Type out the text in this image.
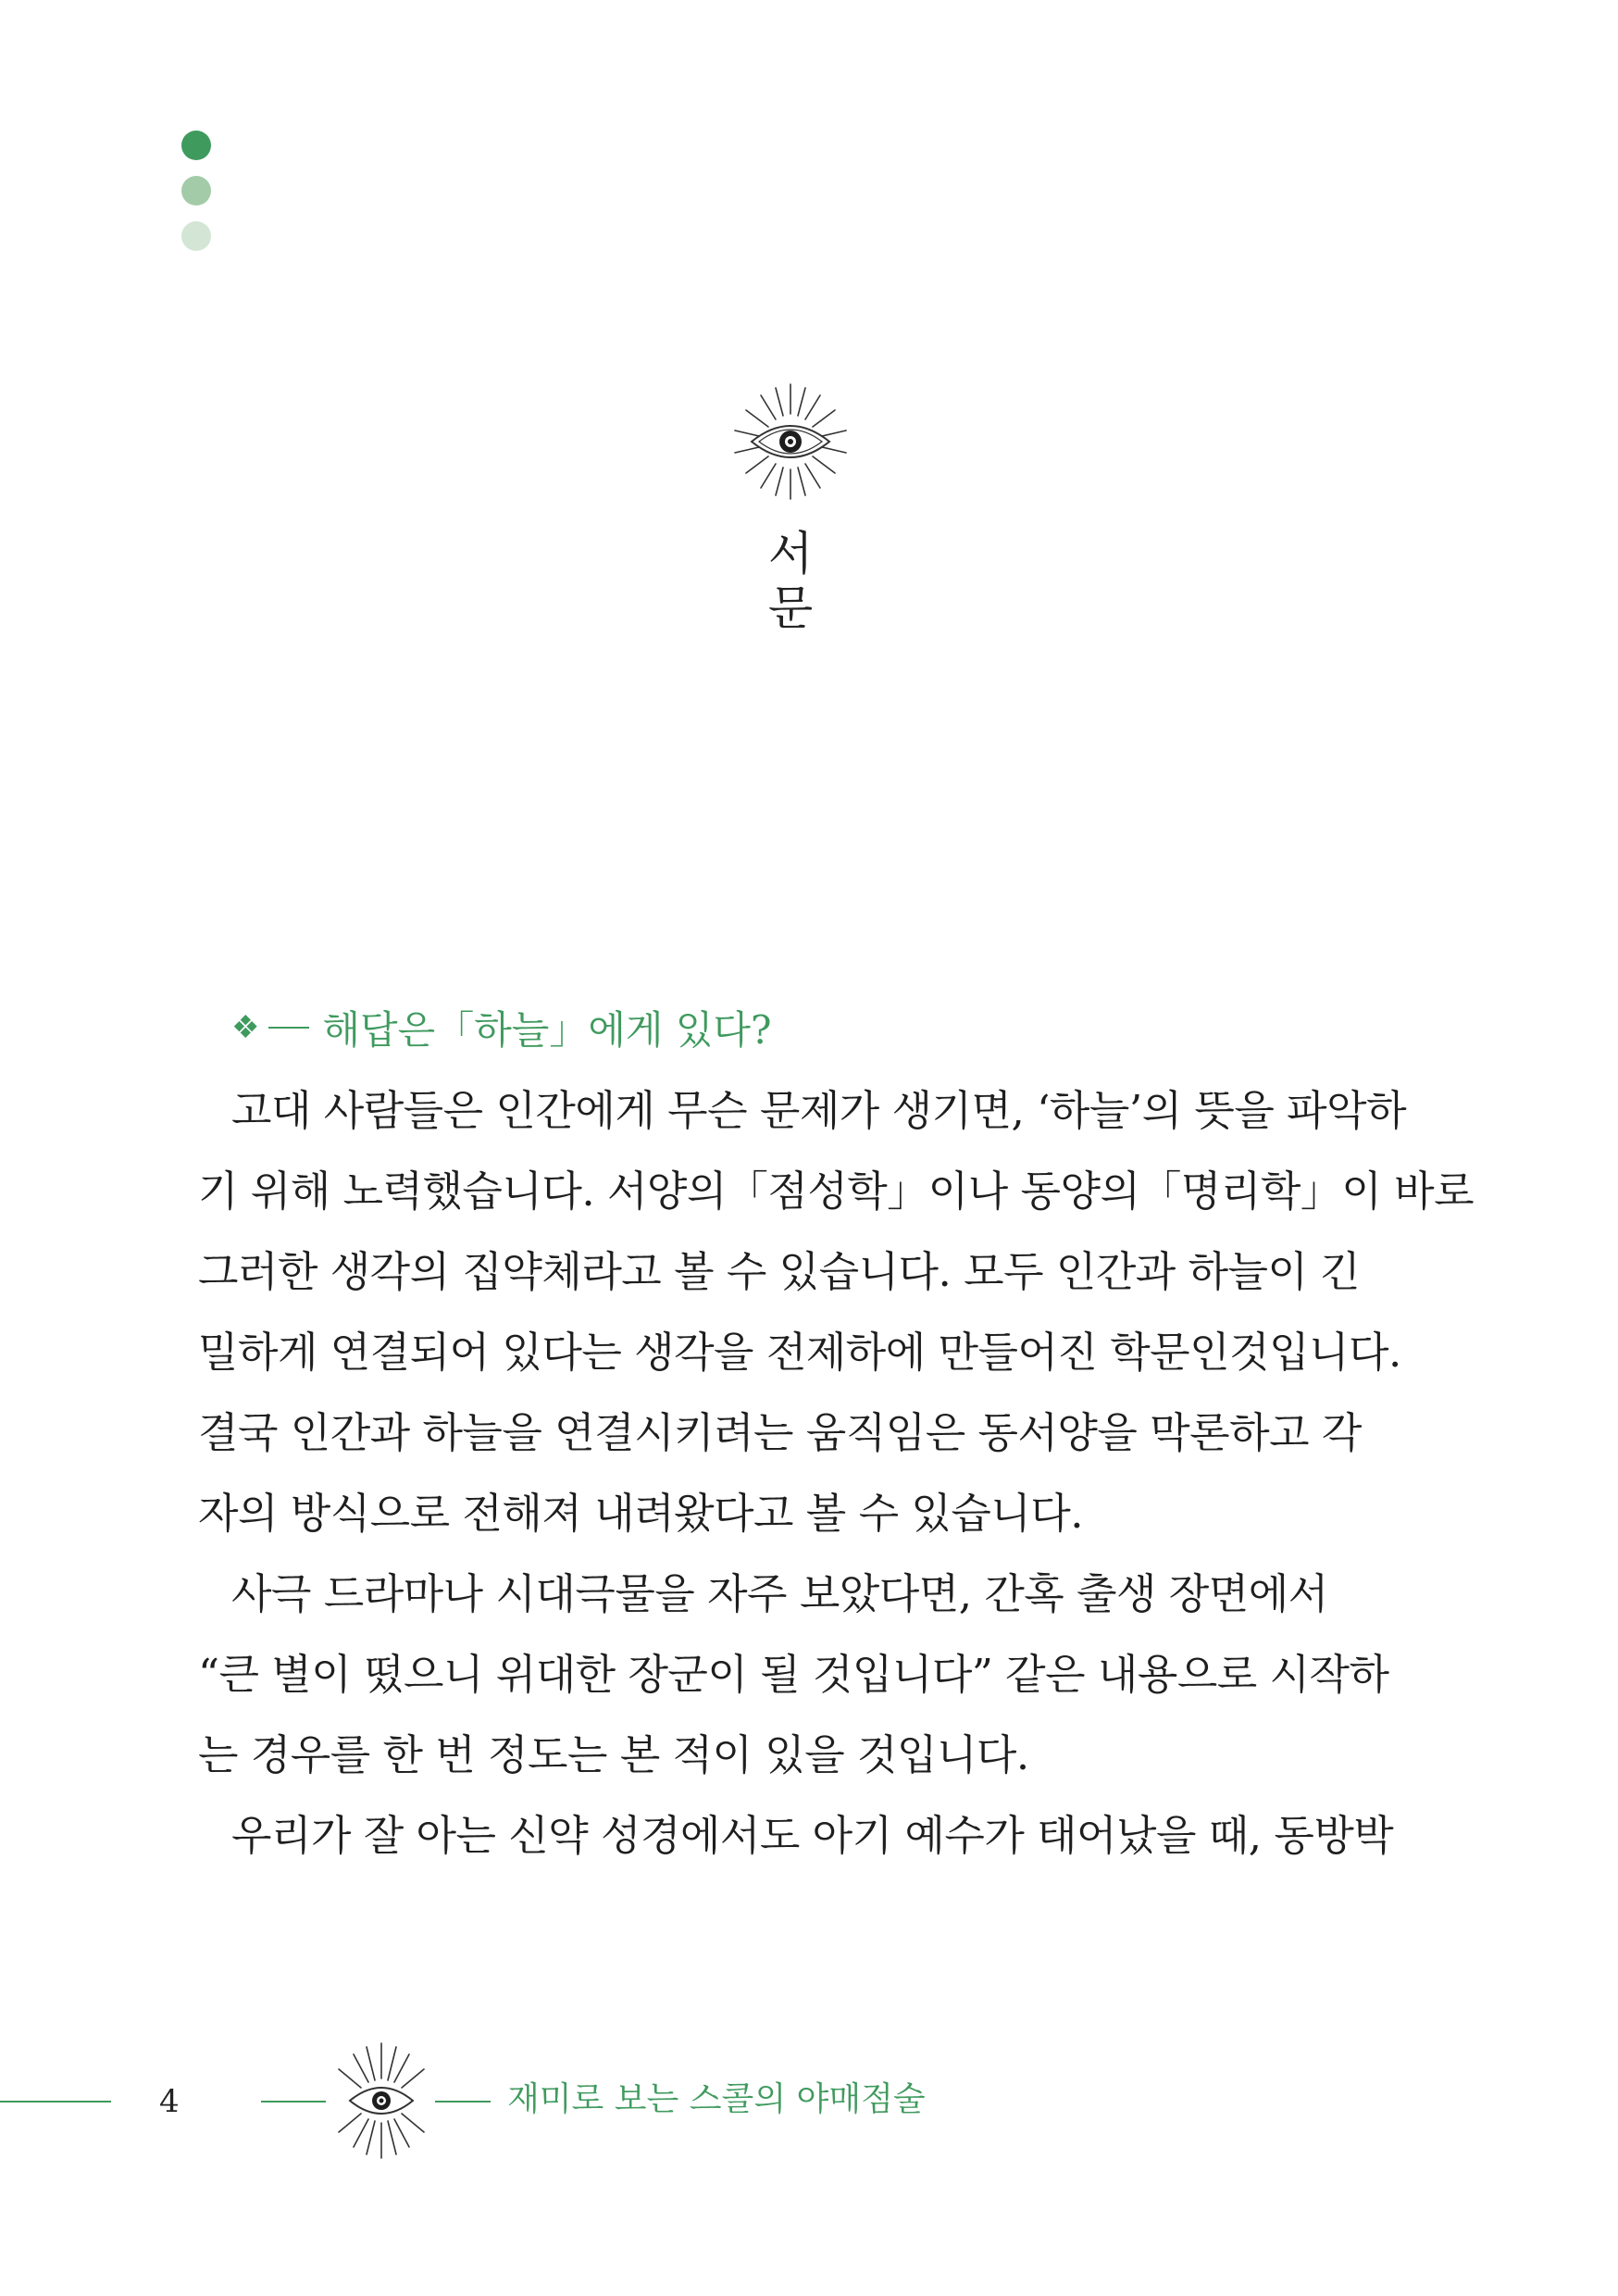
서
문
❖ 해답은「하늘」에게 있다?
고대 사람들은 인간에게 무슨 문제가 생기면, ‘하늘’의 뜻을 파악하
기 위해 노력했습니다. 서양의「점성학」이나 동양의「명리학」이 바로
그러한 생각의 집약체라고 볼 수 있습니다. 모두 인간과 하늘이 긴
밀하게 연결되어 있다는 생각을 전제하에 만들어진 학문인것입니다.
결국 인간과 하늘을 연결시키려는 움직임은 동서양을 막론하고 각
자의 방식으로 전해져 내려왔다고 볼 수 있습니다.
사극 드라마나 시대극물을 자주 보았다면, 간혹 출생 장면에서
“큰 별이 떴으니 위대한 장군이 될 것입니다” 같은 내용으로 시작하
는 경우를 한 번 정도는 본 적이 있을 것입니다.
우리가 잘 아는 신약 성경에서도 아기 예수가 태어났을 때, 동방박
4	재미로 보는 스콜의 야매점술
